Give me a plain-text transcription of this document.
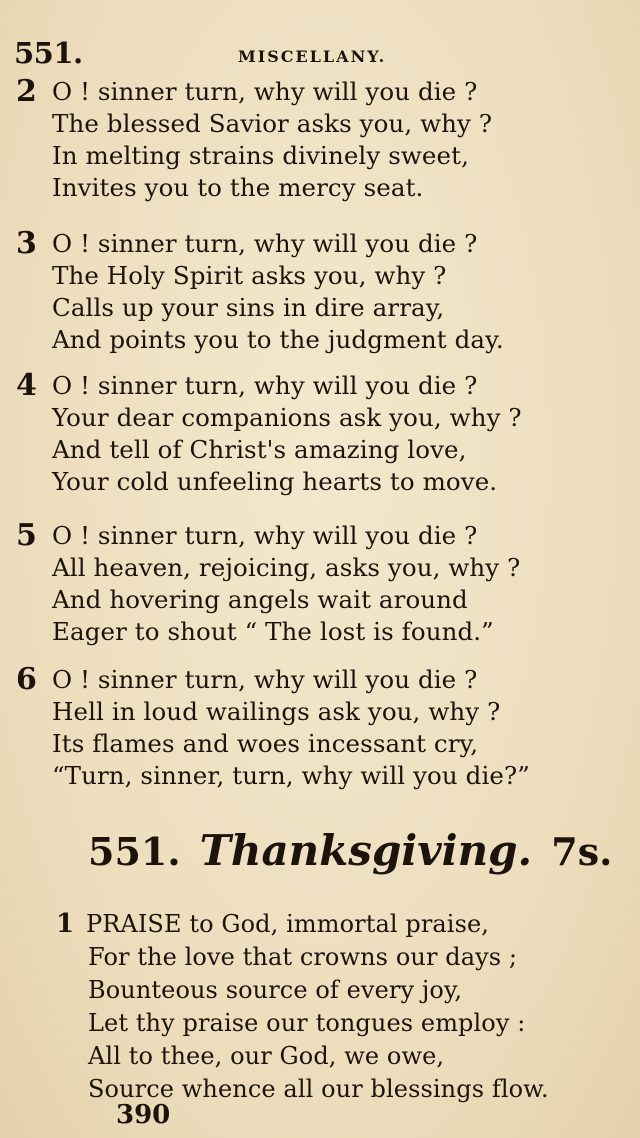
551.	MISCELLANY.
2 O ! sinner turn, why will you die ?
The blessed Savior asks you, why ?
In melting strains divinely sweet,
Invites you to the mercy seat.
3 O ! sinner turn, why will you die ?
The Holy Spirit asks you, why ?
Calls up your sins in dire array,
And points you to the judgment day.
4 O ! sinner turn, why will you die ?
Your dear companions ask you, why ?
And tell of Christ's amazing love,
Your cold unfeeling hearts to move.
5 O ! sinner turn, why will you die ?
All heaven, rejoicing, asks you, why ?
And hovering angels wait around
Eager to shout “ The lost is found.”
6 O ! sinner turn, why will you die ?
Hell in loud wailings ask you, why ?
Its flames and woes incessant cry,
“Turn, sinner, turn, why will you die?”
551. Thanksgiving. 7s.
1 PRAISE to God, immortal praise,
For the love that crowns our days ;
Bounteous source of every joy,
Let thy praise our tongues employ :
All to thee, our God, we owe,
Source whence all our blessings flow.
390
